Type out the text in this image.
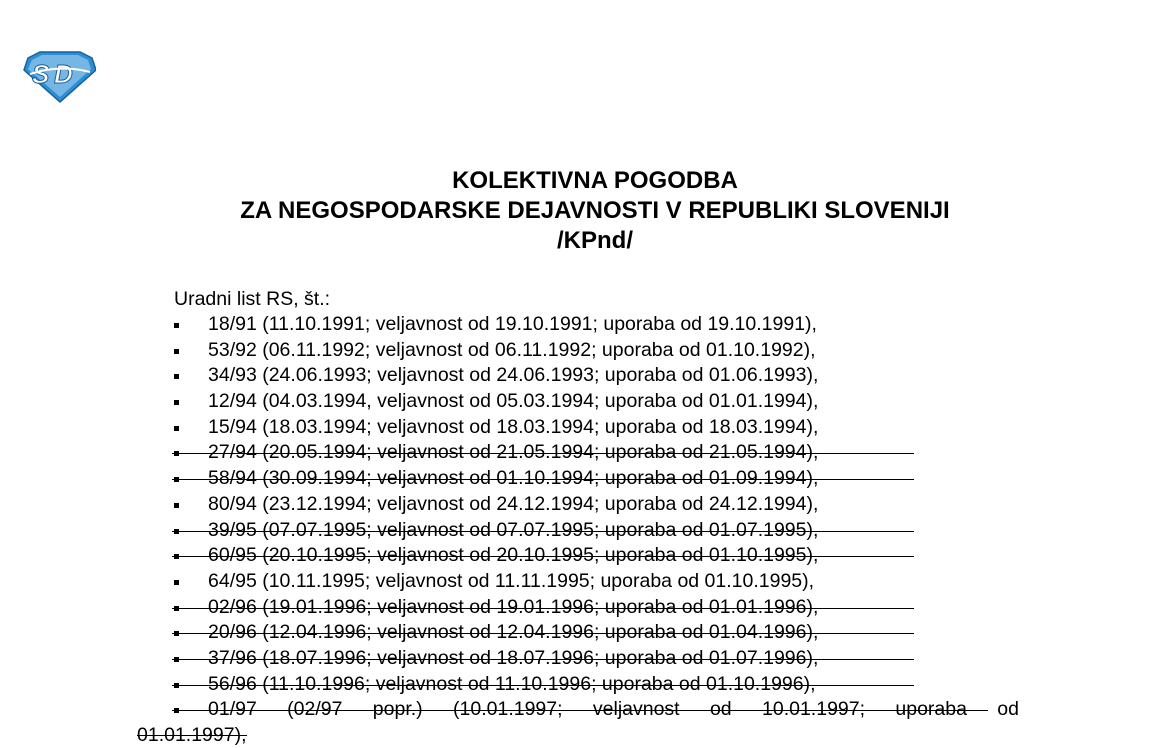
S D
KOLEKTIVNA POGODBA
ZA NEGOSPODARSKE DEJAVNOSTI V REPUBLIKI SLOVENIJI
/KPnd/
Uradni list RS, št.:
18/91 (11.10.1991; veljavnost od 19.10.1991; uporaba od 19.10.1991),
53/92 (06.11.1992; veljavnost od 06.11.1992; uporaba od 01.10.1992),
34/93 (24.06.1993; veljavnost od 24.06.1993; uporaba od 01.06.1993),
12/94 (04.03.1994, veljavnost od 05.03.1994; uporaba od 01.01.1994),
15/94 (18.03.1994; veljavnost od 18.03.1994; uporaba od 18.03.1994),
27/94 (20.05.1994; veljavnost od 21.05.1994; uporaba od 21.05.1994),
58/94 (30.09.1994; veljavnost od 01.10.1994; uporaba od 01.09.1994),
80/94 (23.12.1994; veljavnost od 24.12.1994; uporaba od 24.12.1994),
39/95 (07.07.1995; veljavnost od 07.07.1995; uporaba od 01.07.1995),
60/95 (20.10.1995; veljavnost od 20.10.1995; uporaba od 01.10.1995),
64/95 (10.11.1995; veljavnost od 11.11.1995; uporaba od 01.10.1995),
02/96 (19.01.1996; veljavnost od 19.01.1996; uporaba od 01.01.1996),
20/96 (12.04.1996; veljavnost od 12.04.1996; uporaba od 01.04.1996),
37/96 (18.07.1996; veljavnost od 18.07.1996; uporaba od 01.07.1996),
56/96 (11.10.1996; veljavnost od 11.10.1996; uporaba od 01.10.1996),
01/97 (02/97 popr.) (10.01.1997; veljavnost od 10.01.1997; uporaba od
01.01.1997),
